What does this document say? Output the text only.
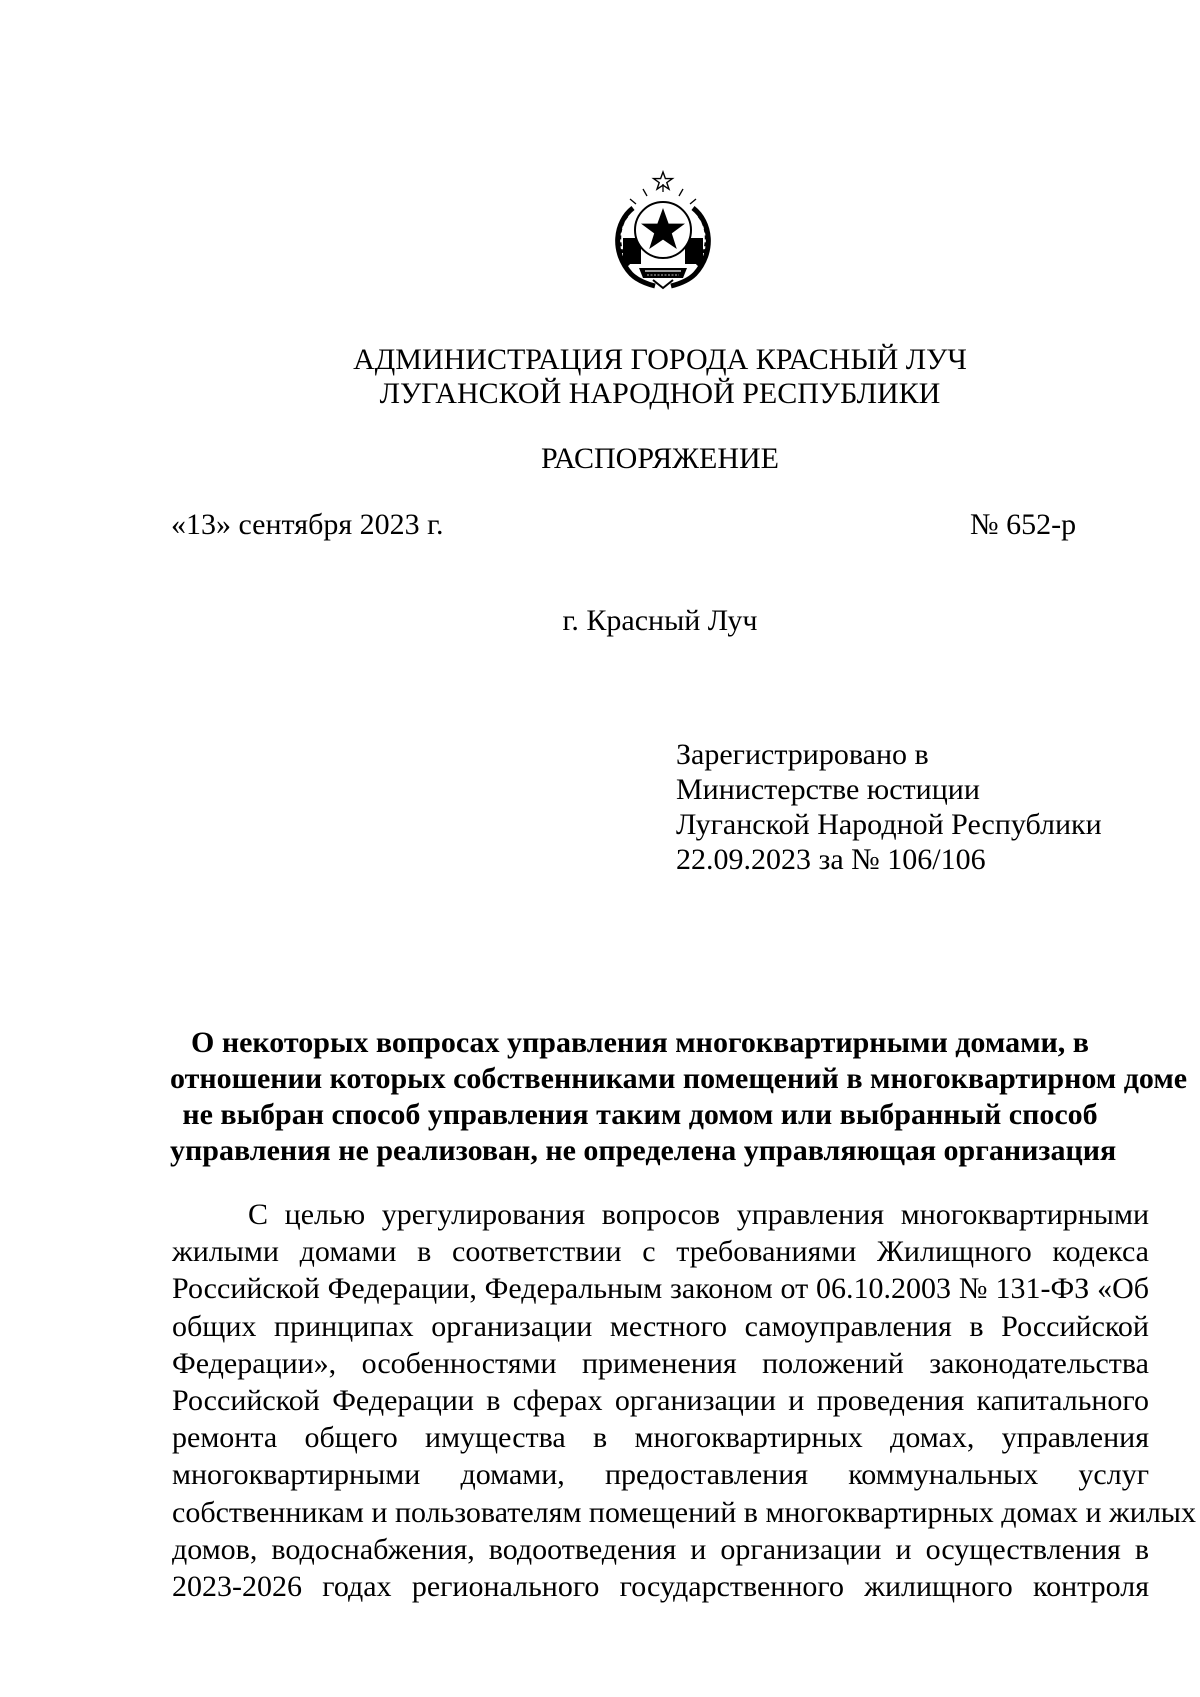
АДМИНИСТРАЦИЯ ГОРОДА КРАСНЫЙ ЛУЧ
ЛУГАНСКОЙ НАРОДНОЙ РЕСПУБЛИКИ
РАСПОРЯЖЕНИЕ
«13» сентября 2023 г.	№ 652-р
г. Красный Луч
Зарегистрировано в
Министерстве юстиции
Луганской Народной Республики
22.09.2023 за № 106/106
О некоторых вопросах управления многоквартирными домами, в
отношении которых собственниками помещений в многоквартирном доме
не выбран способ управления таким домом или выбранный способ
управления не реализован, не определена управляющая организация
С целью урегулирования вопросов управления многоквартирными
жилыми домами в соответствии с требованиями Жилищного кодекса
Российской Федерации, Федеральным законом от 06.10.2003 № 131-ФЗ «Об
общих принципах организации местного самоуправления в Российской
Федерации», особенностями применения положений законодательства
Российской Федерации в сферах организации и проведения капитального
ремонта общего имущества в многоквартирных домах, управления
многоквартирными домами, предоставления коммунальных услуг
собственникам и пользователям помещений в многоквартирных домах и жилых
домов, водоснабжения, водоотведения и организации и осуществления в
2023-2026 годах регионального государственного жилищного контроля
